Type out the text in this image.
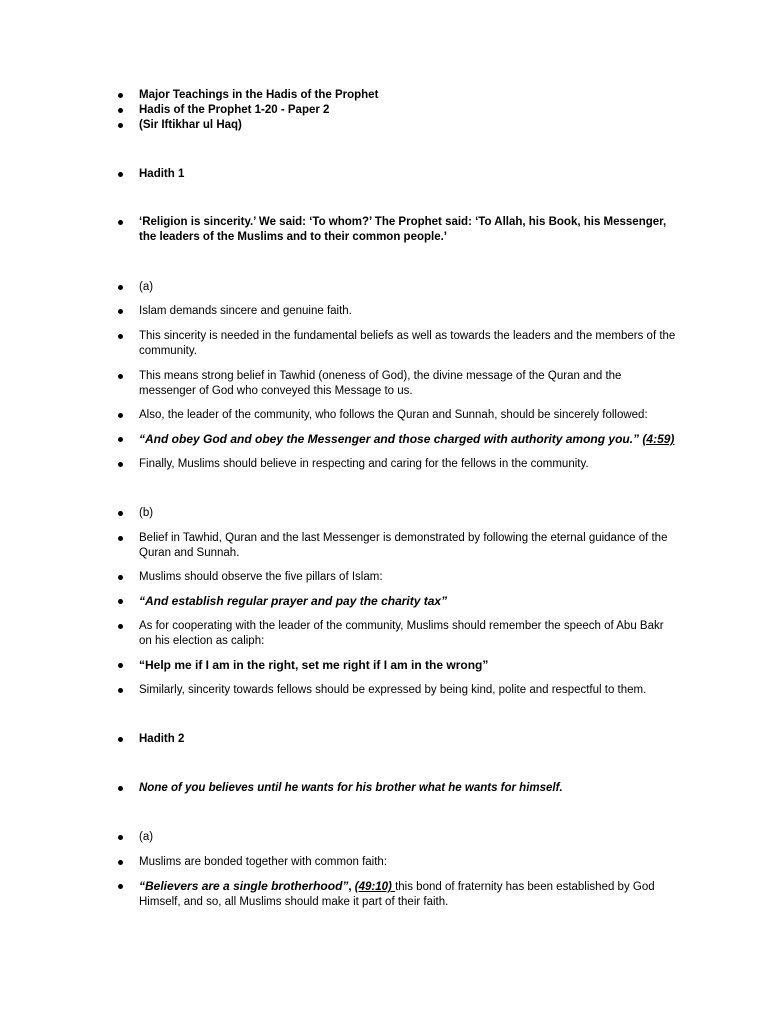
Major Teachings in the Hadis of the Prophet
Hadis of the Prophet 1-20 - Paper 2
(Sir Iftikhar ul Haq)
Hadith 1
‘Religion is sincerity.’ We said: ‘To whom?’ The Prophet said: ‘To Allah, his Book, his Messenger, the leaders of the Muslims and to their common people.’
(a)
Islam demands sincere and genuine faith.
This sincerity is needed in the fundamental beliefs as well as towards the leaders and the members of the community.
This means strong belief in Tawhid (oneness of God), the divine message of the Quran and the messenger of God who conveyed this Message to us.
Also, the leader of the community, who follows the Quran and Sunnah, should be sincerely followed:
“And obey God and obey the Messenger and those charged with authority among you.” (4:59)
Finally, Muslims should believe in respecting and caring for the fellows in the community.
(b)
Belief in Tawhid, Quran and the last Messenger is demonstrated by following the eternal guidance of the Quran and Sunnah.
Muslims should observe the five pillars of Islam:
“And establish regular prayer and pay the charity tax”
As for cooperating with the leader of the community, Muslims should remember the speech of Abu Bakr on his election as caliph:
“Help me if I am in the right, set me right if I am in the wrong”
Similarly, sincerity towards fellows should be expressed by being kind, polite and respectful to them.
Hadith 2
None of you believes until he wants for his brother what he wants for himself.
(a)
Muslims are bonded together with common faith:
“Believers are a single brotherhood”, (49:10) this bond of fraternity has been established by God Himself, and so, all Muslims should make it part of their faith.
